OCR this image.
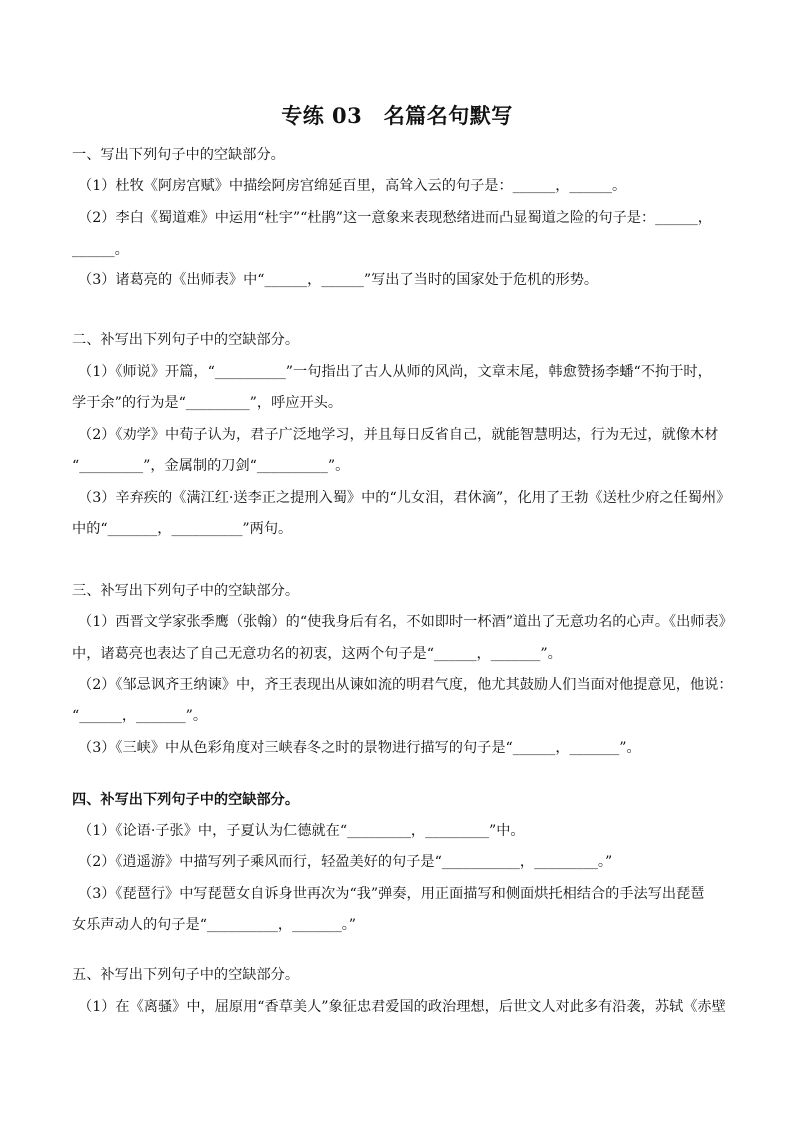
专练 03　名篇名句默写
一、写出下列句子中的空缺部分。
（1）杜牧《阿房宫赋》中描绘阿房宫绵延百里，高耸入云的句子是：______，______。
（2）李白《蜀道难》中运用“杜宇”“杜鹃”这一意象来表现愁绪进而凸显蜀道之险的句子是：______，
______。
（3）诸葛亮的《出师表》中“______，______”写出了当时的国家处于危机的形势。
二、补写出下列句子中的空缺部分。
（1）《师说》开篇，“__________”一句指出了古人从师的风尚，文章末尾，韩愈赞扬李蟠“不拘于时，
学于余”的行为是“_________”，呼应开头。
（2）《劝学》中荀子认为，君子广泛地学习，并且每日反省自己，就能智慧明达，行为无过，就像木材
“_________”，金属制的刀剑“__________”。
（3）辛弃疾的《满江红·送李正之提刑入蜀》中的“儿女泪，君休滴”，化用了王勃《送杜少府之任蜀州》
中的“_______，__________”两句。
三、补写出下列句子中的空缺部分。
（1）西晋文学家张季鹰（张翰）的“使我身后有名，不如即时一杯酒”道出了无意功名的心声。《出师表》
中，诸葛亮也表达了自己无意功名的初衷，这两个句子是“______，_______”。
（2）《邹忌讽齐王纳谏》中，齐王表现出从谏如流的明君气度，他尤其鼓励人们当面对他提意见，他说：
“______，_______”。
（3）《三峡》中从色彩角度对三峡春冬之时的景物进行描写的句子是“______，_______”。
四、补写出下列句子中的空缺部分。
（1）《论语·子张》中，子夏认为仁德就在“_________，_________”中。
（2）《逍遥游》中描写列子乘风而行，轻盈美好的句子是“___________，_________。”
（3）《琵琶行》中写琵琶女自诉身世再次为“我”弹奏，用正面描写和侧面烘托相结合的手法写出琵琶
女乐声动人的句子是“__________，_______。”
五、补写出下列句子中的空缺部分。
（1）在《离骚》中，屈原用“香草美人”象征忠君爱国的政治理想，后世文人对此多有沿袭，苏轼《赤壁
